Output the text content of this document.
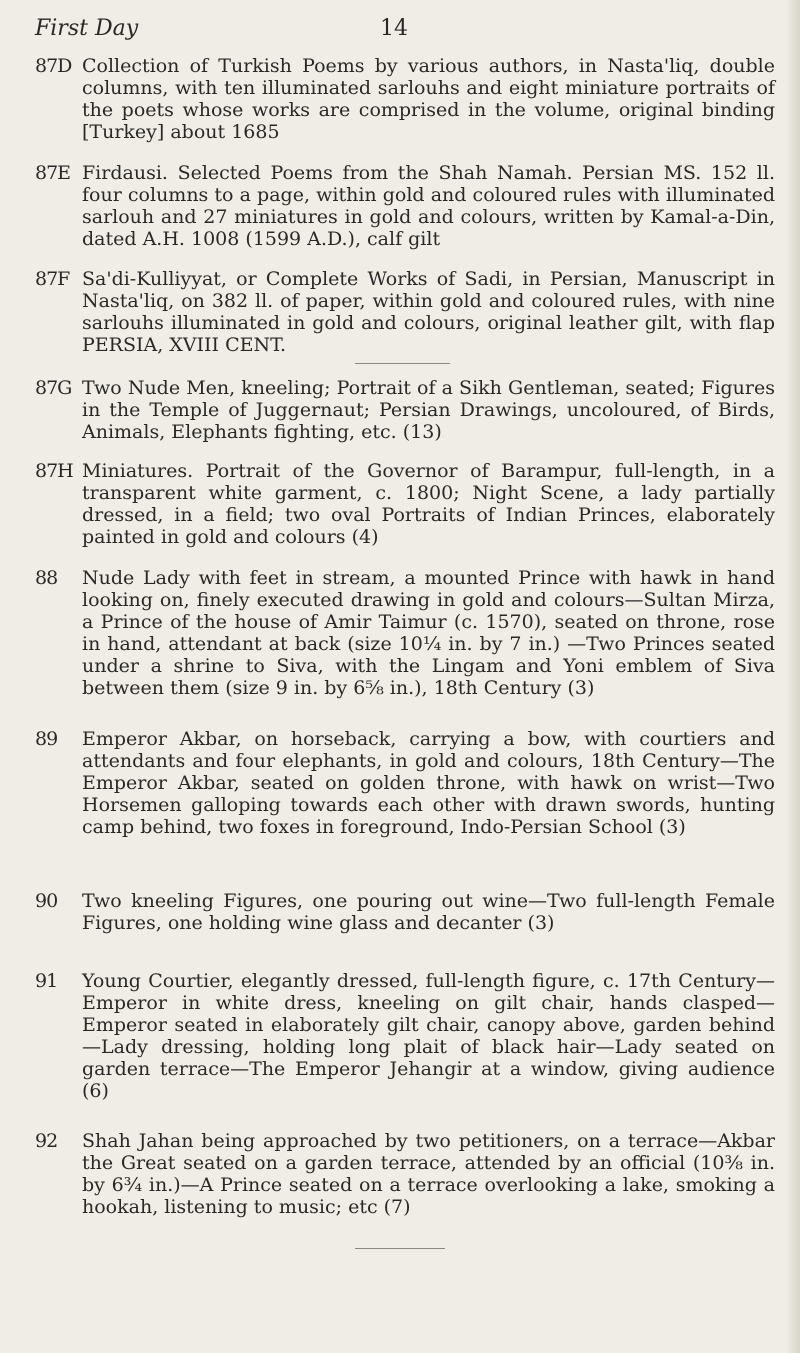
First Day	14
87D Collection of Turkish Poems by various authors, in Nasta'liq, double columns, with ten illuminated sarlouhs and eight miniature portraits of the poets whose works are comprised in the volume, original binding [Turkey] about 1685
87E Firdausi. Selected Poems from the Shah Namah. Persian MS. 152 ll. four columns to a page, within gold and coloured rules with illuminated sarlouh and 27 miniatures in gold and colours, written by Kamal-a-Din, dated A.H. 1008 (1599 A.D.), calf gilt
87F Sa'di-Kulliyyat, or Complete Works of Sadi, in Persian, Manuscript in Nasta'liq, on 382 ll. of paper, within gold and coloured rules, with nine sarlouhs illuminated in gold and colours, original leather gilt, with flap PERSIA, XVIII CENT.
87G Two Nude Men, kneeling; Portrait of a Sikh Gentleman, seated; Figures in the Temple of Juggernaut; Persian Drawings, uncoloured, of Birds, Animals, Elephants fighting, etc. (13)
87H Miniatures. Portrait of the Governor of Barampur, full-length, in a transparent white garment, c. 1800; Night Scene, a lady partially dressed, in a field; two oval Portraits of Indian Princes, elaborately painted in gold and colours (4)
88	Nude Lady with feet in stream, a mounted Prince with hawk in hand looking on, finely executed drawing in gold and colours—Sultan Mirza, a Prince of the house of Amir Taimur (c. 1570), seated on throne, rose in hand, attendant at back (size 10¼ in. by 7 in.) —Two Princes seated under a shrine to Siva, with the Lingam and Yoni emblem of Siva between them (size 9 in. by 6⅝ in.), 18th Century (3)
89	Emperor Akbar, on horseback, carrying a bow, with courtiers and attendants and four elephants, in gold and colours, 18th Century—The Emperor Akbar, seated on golden throne, with hawk on wrist—Two Horsemen galloping towards each other with drawn swords, hunting camp behind, two foxes in foreground, Indo-Persian School (3)
90	Two kneeling Figures, one pouring out wine—Two full-length Female Figures, one holding wine glass and decanter (3)
91	Young Courtier, elegantly dressed, full-length figure, c. 17th Century—Emperor in white dress, kneeling on gilt chair, hands clasped—Emperor seated in elaborately gilt chair, canopy above, garden behind—Lady dressing, holding long plait of black hair—Lady seated on garden terrace—The Emperor Jehangir at a window, giving audience (6)
92	Shah Jahan being approached by two petitioners, on a terrace—Akbar the Great seated on a garden terrace, attended by an official (10⅜ in. by 6¾ in.)—A Prince seated on a terrace overlooking a lake, smoking a hookah, listening to music; etc (7)
